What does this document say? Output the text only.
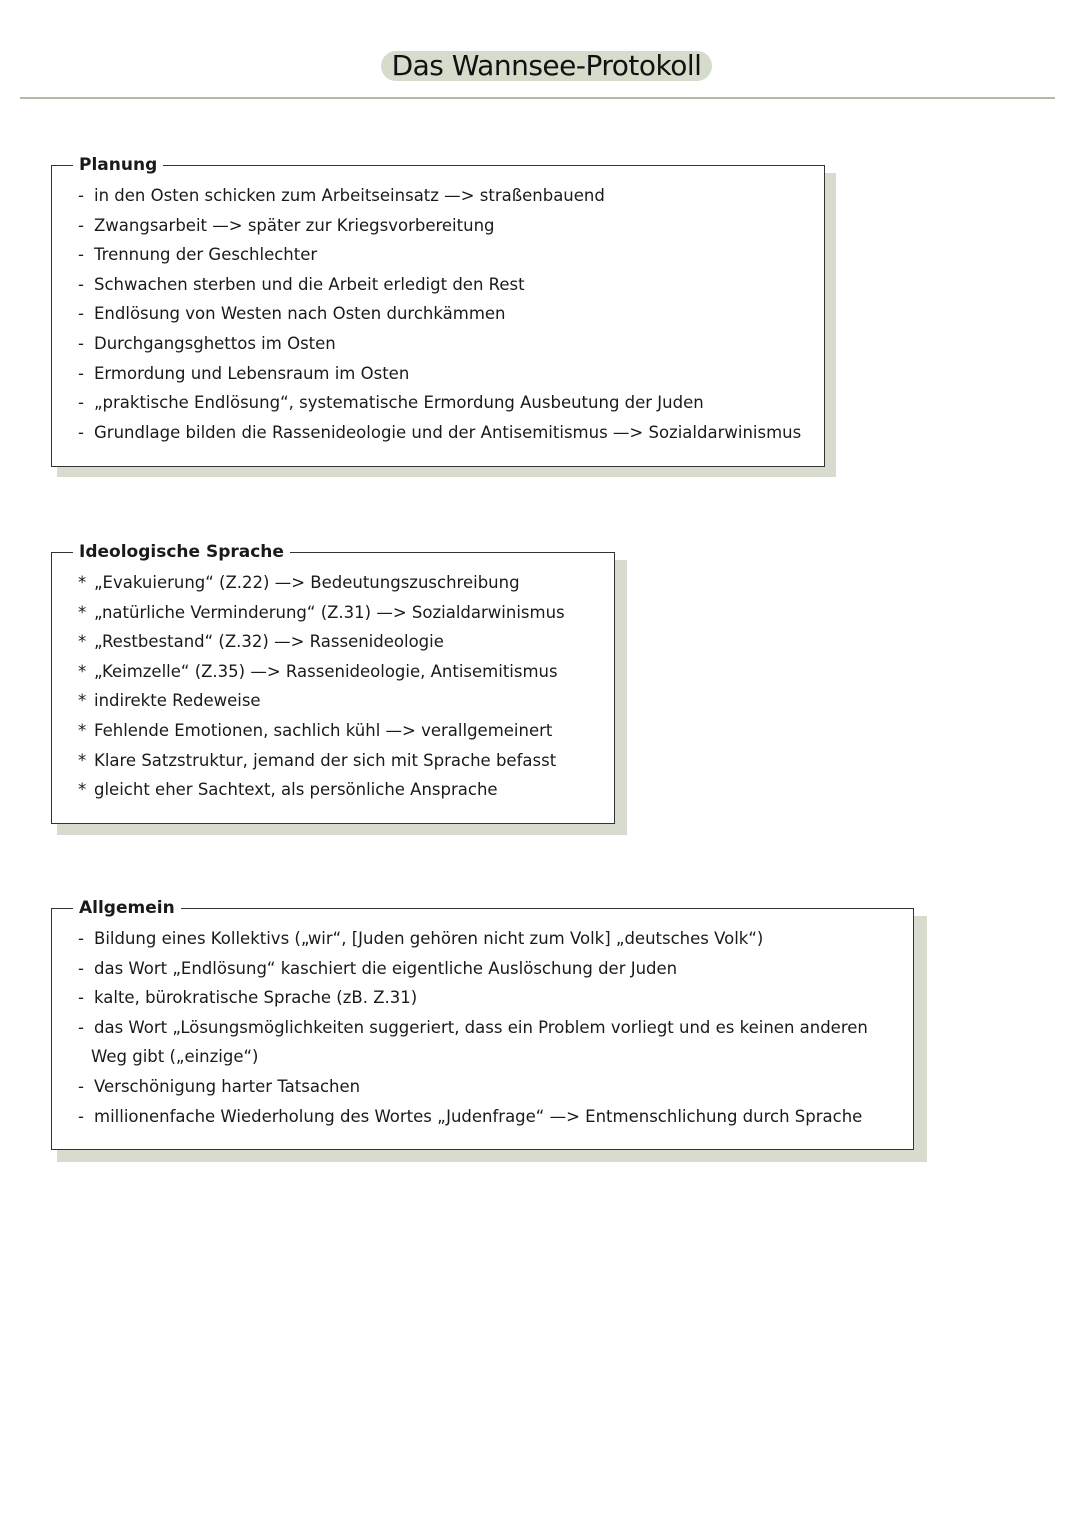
Das Wannsee-Protokoll
Planung
- in den Osten schicken zum Arbeitseinsatz —> straßenbauend
- Zwangsarbeit —> später zur Kriegsvorbereitung
- Trennung der Geschlechter
- Schwachen sterben und die Arbeit erledigt den Rest
- Endlösung von Westen nach Osten durchkämmen
- Durchgangsghettos im Osten
- Ermordung und Lebensraum im Osten
- „praktische Endlösung“, systematische Ermordung Ausbeutung der Juden
- Grundlage bilden die Rassenideologie und der Antisemitismus —> Sozialdarwinismus
Ideologische Sprache
* „Evakuierung“ (Z.22) —> Bedeutungszuschreibung
* „natürliche Verminderung“ (Z.31) —> Sozialdarwinismus
* „Restbestand“ (Z.32) —> Rassenideologie
* „Keimzelle“ (Z.35) —> Rassenideologie, Antisemitismus
* indirekte Redeweise
* Fehlende Emotionen, sachlich kühl —> verallgemeinert
* Klare Satzstruktur, jemand der sich mit Sprache befasst
* gleicht eher Sachtext, als persönliche Ansprache
Allgemein
- Bildung eines Kollektivs („wir“, [Juden gehören nicht zum Volk] „deutsches Volk“)
- das Wort „Endlösung“ kaschiert die eigentliche Auslöschung der Juden
- kalte, bürokratische Sprache (zB. Z.31)
- das Wort „Lösungsmöglichkeiten suggeriert, dass ein Problem vorliegt und es keinen anderen
Weg gibt („einzige“)
- Verschönigung harter Tatsachen
- millionenfache Wiederholung des Wortes „Judenfrage“ —> Entmenschlichung durch Sprache
